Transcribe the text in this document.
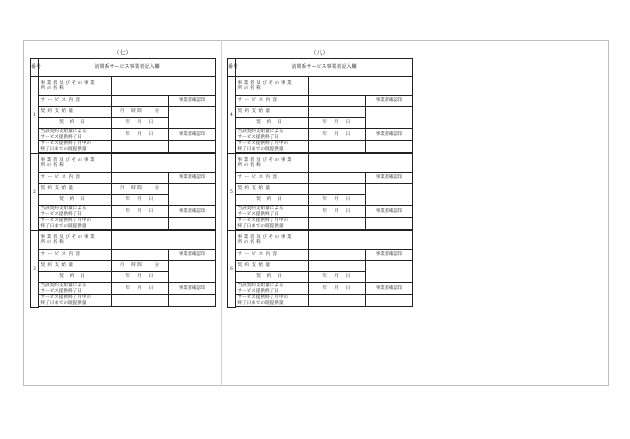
（七）
番号	訪問系サービス事業者記入欄		
1	事業者及びその事業所の名称		

	サービス内容		事業者確認印
	契約支給量	月　時間　　分	
	契約日	年　月　日	

	当該契約支給量による
サービス提供終了日	年　月　日	事業者確認印

	サービス提供終了月中の
終了日までの既提供量		

2	事業者及びその事業所の名称		

	サービス内容		事業者確認印
	契約支給量	月　時間　　分	
	契約日	年　月　日	

	当該契約支給量による
サービス提供終了日	年　月　日	事業者確認印

	サービス提供終了月中の
終了日までの既提供量		

3	事業者及びその事業所の名称		

	サービス内容		事業者確認印
	契約支給量	月　時間　　分	
	契約日	年　月　日	

	当該契約支給量による
サービス提供終了日	年　月　日	事業者確認印

	サービス提供終了月中の
終了日までの既提供量		

（八）
番号	訪問系サービス事業者記入欄		
4	事業者及びその事業所の名称		

	サービス内容		事業者確認印
	契約支給量		
	契約日	年　月　日	

	当該契約支給量による
サービス提供終了日	年　月　日	事業者確認印

	サービス提供終了月中の
終了日までの既提供量		

5	事業者及びその事業所の名称		

	サービス内容		事業者確認印
	契約支給量		
	契約日	年　月　日	

	当該契約支給量による
サービス提供終了日	年　月　日	事業者確認印

	サービス提供終了月中の
終了日までの既提供量		

6	事業者及びその事業所の名称		

	サービス内容		事業者確認印
	契約支給量		
	契約日	年　月　日	

	当該契約支給量による
サービス提供終了日	年　月　日	事業者確認印

	サービス提供終了月中の
終了日までの既提供量		
